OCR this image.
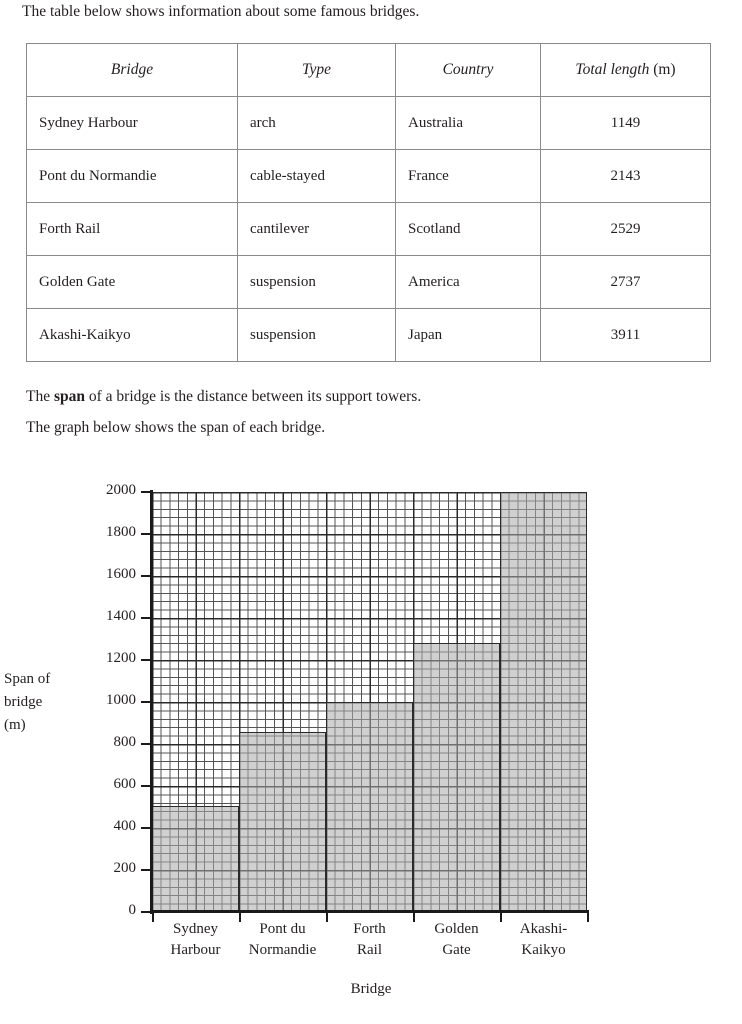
The table below shows information about some famous bridges.
Bridge	Type	Country	Total length (m)
Sydney Harbour	arch	Australia	1149
Pont du Normandie	cable-stayed	France	2143
Forth Rail	cantilever	Scotland	2529
Golden Gate	suspension	America	2737
Akashi-Kaikyo	suspension	Japan	3911
The span of a bridge is the distance between its support towers.
The graph below shows the span of each bridge.
Span of
bridge
(m)
0
200
400
600
800
1000
1200
1400
1600
1800
2000
Sydney
Harbour
Pont du
Normandie
Forth
Rail
Golden
Gate
Akashi-
Kaikyo
Bridge
